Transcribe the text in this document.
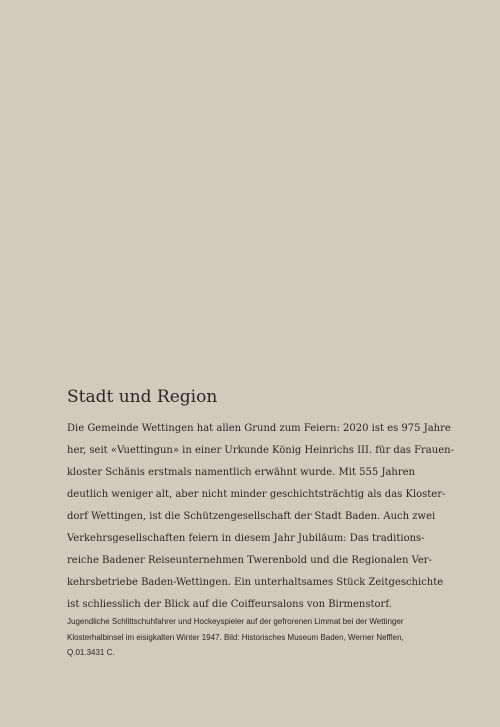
Stadt und Region

Die Gemeinde Wettingen hat allen Grund zum Feiern: 2020 ist es 975 Jahre
her, seit «Vuettingun» in einer Urkunde König Heinrichs III. für das Frauen-
kloster Schänis erstmals namentlich erwähnt wurde. Mit 555 Jahren
deutlich weniger alt, aber nicht minder geschichtsträchtig als das Kloster-
dorf Wettingen, ist die Schützengesellschaft der Stadt Baden. Auch zwei
Verkehrsgesellschaften feiern in diesem Jahr Jubiläum: Das traditions-
reiche Badener Reiseunternehmen Twerenbold und die Regionalen Ver-
kehrsbetriebe Baden-Wettingen. Ein unterhaltsames Stück Zeitgeschichte
ist schliesslich der Blick auf die Coiffeursalons von Birmenstorf.

Jugendliche Schlittschuhfahrer und Hockeyspieler auf der gefrorenen Limmat bei der Wettinger
Klosterhalbinsel im eisigkalten Winter 1947. Bild: Historisches Museum Baden, Werner Nefflen,
Q.01.3431 C.
